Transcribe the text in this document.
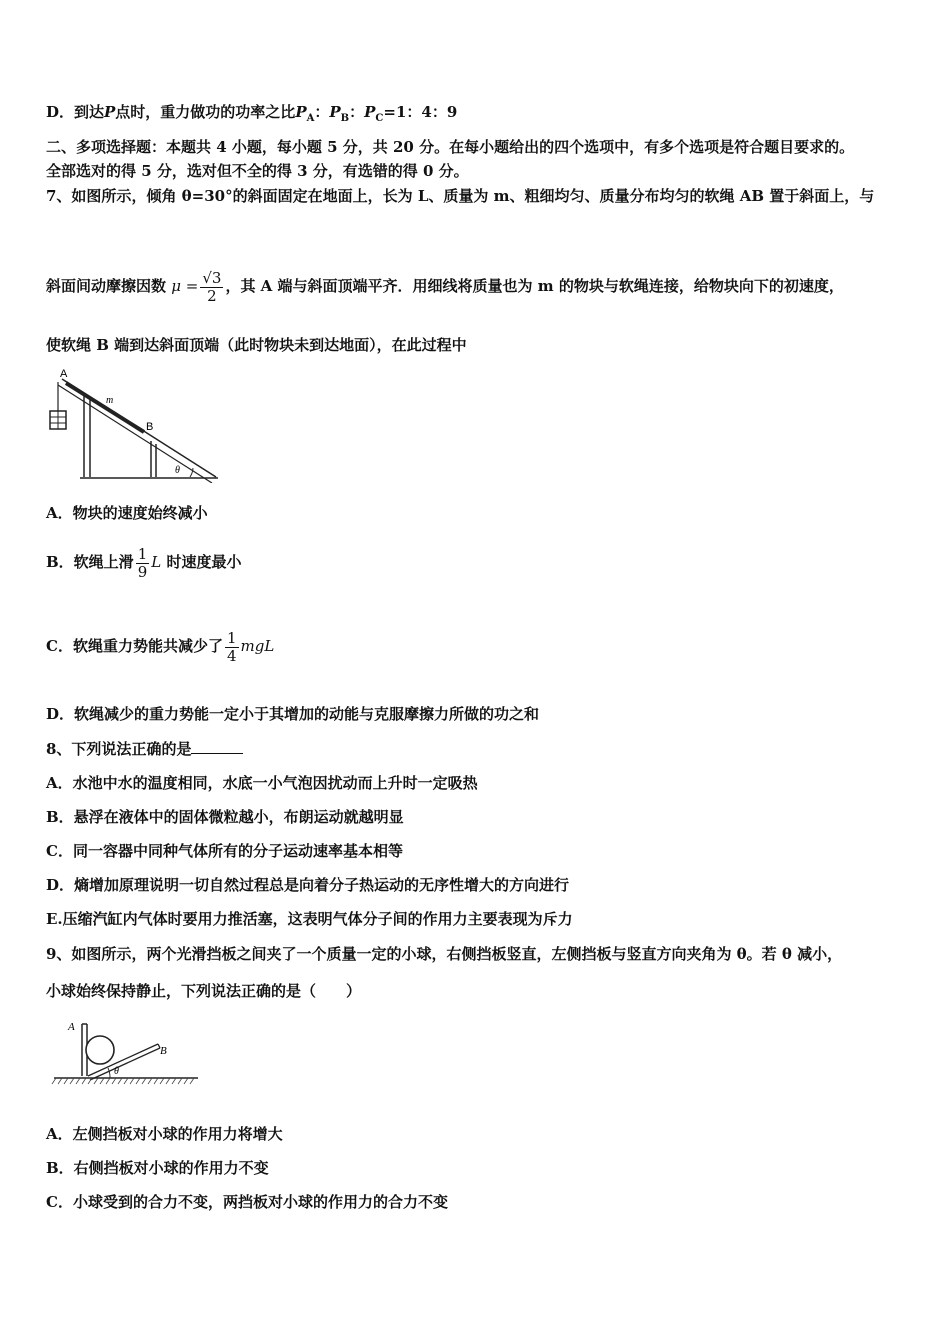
D．到达P点时，重力做功的功率之比$P_A$：$P_B$：$P_C=1$：4：9
二、多项选择题：本题共 4 小题，每小题 5 分，共 20 分。在每小题给出的四个选项中，有多个选项是符合题目要求的。
全部选对的得 5 分，选对但不全的得 3 分，有选错的得 0 分。
7、如图所示，倾角 θ=30°的斜面固定在地面上，长为 L、质量为 m、粗细均匀、质量分布均匀的软绳 AB 置于斜面上，与
斜面间动摩擦因数 $\mu = \frac{√3}{2}$ ，其 A 端与斜面顶端平齐．用细线将质量也为 m 的物块与软绳连接，给物块向下的初速度，
使软绳 B 端到达斜面顶端（此时物块未到达地面），在此过程中
A
B
m
θ
A．物块的速度始终减小
B．软绳上滑 $\frac{1}{9}$ L 时速度最小
C．软绳重力势能共减少了 $\frac{1}{4}$ mgL
D．软绳减少的重力势能一定小于其增加的动能与克服摩擦力所做的功之和
8、下列说法正确的是
A．水池中水的温度相同，水底一小气泡因扰动而上升时一定吸热
B．悬浮在液体中的固体微粒越小，布朗运动就越明显
C．同一容器中同种气体所有的分子运动速率基本相等
D．熵增加原理说明一切自然过程总是向着分子热运动的无序性增大的方向进行
E.压缩汽缸内气体时要用力推活塞，这表明气体分子间的作用力主要表现为斥力
9、如图所示，两个光滑挡板之间夹了一个质量一定的小球，右侧挡板竖直，左侧挡板与竖直方向夹角为 θ。若 θ 减小，
小球始终保持静止，下列说法正确的是（　　）
A
B
θ
A．左侧挡板对小球的作用力将增大
B．右侧挡板对小球的作用力不变
C．小球受到的合力不变，两挡板对小球的作用力的合力不变
